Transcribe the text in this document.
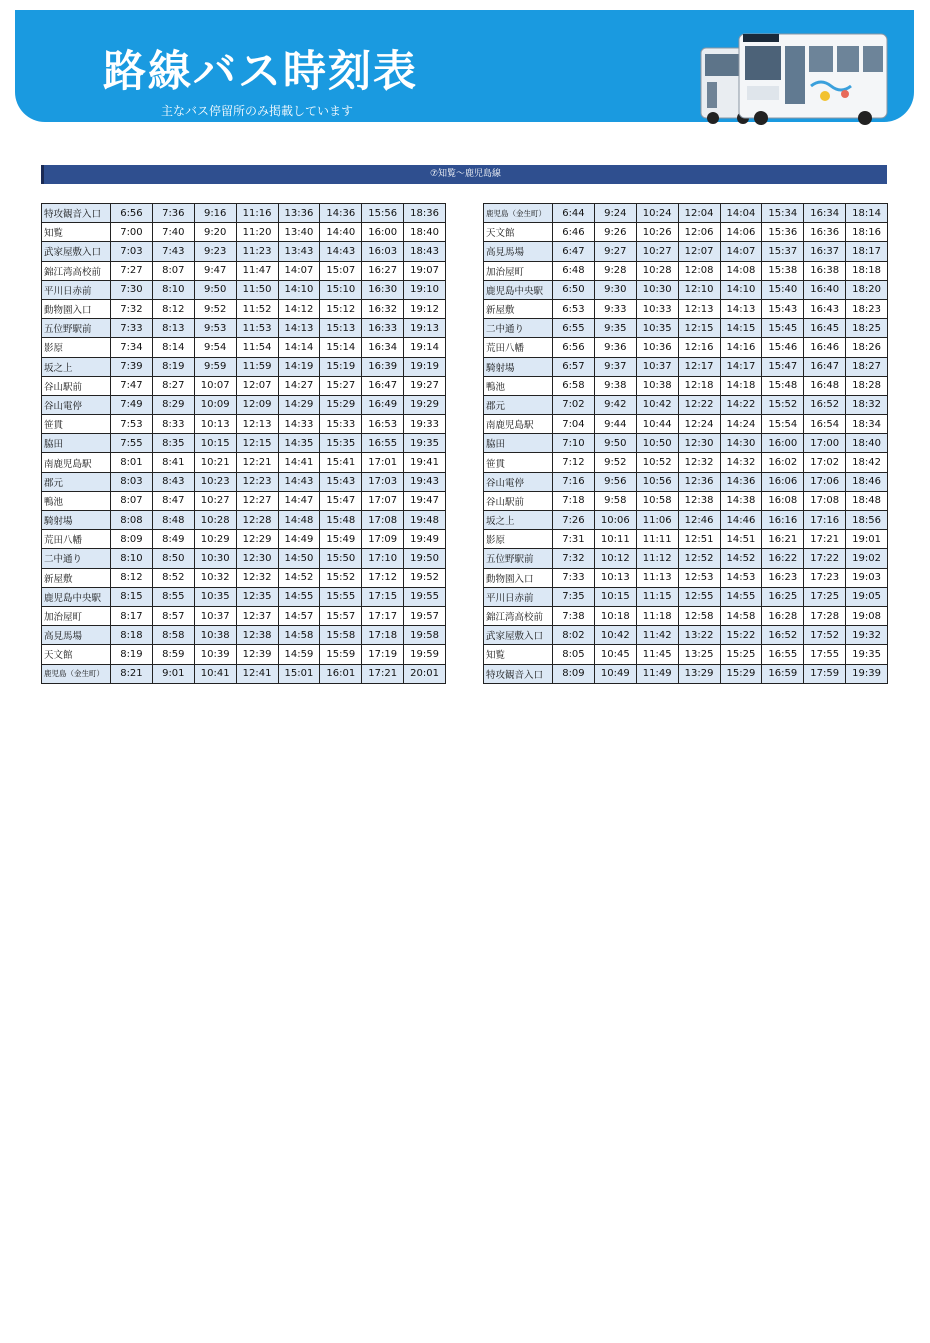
路線バス時刻表
主なバス停留所のみ掲載しています
⑦知覧～鹿児島線
特攻観音入口	6:56	7:36	9:16	11:16	13:36	14:36	15:56	18:36
知覧	7:00	7:40	9:20	11:20	13:40	14:40	16:00	18:40
武家屋敷入口	7:03	7:43	9:23	11:23	13:43	14:43	16:03	18:43
錦江湾高校前	7:27	8:07	9:47	11:47	14:07	15:07	16:27	19:07
平川日赤前	7:30	8:10	9:50	11:50	14:10	15:10	16:30	19:10
動物園入口	7:32	8:12	9:52	11:52	14:12	15:12	16:32	19:12
五位野駅前	7:33	8:13	9:53	11:53	14:13	15:13	16:33	19:13
影原	7:34	8:14	9:54	11:54	14:14	15:14	16:34	19:14
坂之上	7:39	8:19	9:59	11:59	14:19	15:19	16:39	19:19
谷山駅前	7:47	8:27	10:07	12:07	14:27	15:27	16:47	19:27
谷山電停	7:49	8:29	10:09	12:09	14:29	15:29	16:49	19:29
笹貫	7:53	8:33	10:13	12:13	14:33	15:33	16:53	19:33
脇田	7:55	8:35	10:15	12:15	14:35	15:35	16:55	19:35
南鹿児島駅	8:01	8:41	10:21	12:21	14:41	15:41	17:01	19:41
郡元	8:03	8:43	10:23	12:23	14:43	15:43	17:03	19:43
鴨池	8:07	8:47	10:27	12:27	14:47	15:47	17:07	19:47
騎射場	8:08	8:48	10:28	12:28	14:48	15:48	17:08	19:48
荒田八幡	8:09	8:49	10:29	12:29	14:49	15:49	17:09	19:49
二中通り	8:10	8:50	10:30	12:30	14:50	15:50	17:10	19:50
新屋敷	8:12	8:52	10:32	12:32	14:52	15:52	17:12	19:52
鹿児島中央駅	8:15	8:55	10:35	12:35	14:55	15:55	17:15	19:55
加治屋町	8:17	8:57	10:37	12:37	14:57	15:57	17:17	19:57
高見馬場	8:18	8:58	10:38	12:38	14:58	15:58	17:18	19:58
天文館	8:19	8:59	10:39	12:39	14:59	15:59	17:19	19:59
鹿児島（金生町）	8:21	9:01	10:41	12:41	15:01	16:01	17:21	20:01
鹿児島（金生町）	6:44	9:24	10:24	12:04	14:04	15:34	16:34	18:14
天文館	6:46	9:26	10:26	12:06	14:06	15:36	16:36	18:16
高見馬場	6:47	9:27	10:27	12:07	14:07	15:37	16:37	18:17
加治屋町	6:48	9:28	10:28	12:08	14:08	15:38	16:38	18:18
鹿児島中央駅	6:50	9:30	10:30	12:10	14:10	15:40	16:40	18:20
新屋敷	6:53	9:33	10:33	12:13	14:13	15:43	16:43	18:23
二中通り	6:55	9:35	10:35	12:15	14:15	15:45	16:45	18:25
荒田八幡	6:56	9:36	10:36	12:16	14:16	15:46	16:46	18:26
騎射場	6:57	9:37	10:37	12:17	14:17	15:47	16:47	18:27
鴨池	6:58	9:38	10:38	12:18	14:18	15:48	16:48	18:28
郡元	7:02	9:42	10:42	12:22	14:22	15:52	16:52	18:32
南鹿児島駅	7:04	9:44	10:44	12:24	14:24	15:54	16:54	18:34
脇田	7:10	9:50	10:50	12:30	14:30	16:00	17:00	18:40
笹貫	7:12	9:52	10:52	12:32	14:32	16:02	17:02	18:42
谷山電停	7:16	9:56	10:56	12:36	14:36	16:06	17:06	18:46
谷山駅前	7:18	9:58	10:58	12:38	14:38	16:08	17:08	18:48
坂之上	7:26	10:06	11:06	12:46	14:46	16:16	17:16	18:56
影原	7:31	10:11	11:11	12:51	14:51	16:21	17:21	19:01
五位野駅前	7:32	10:12	11:12	12:52	14:52	16:22	17:22	19:02
動物園入口	7:33	10:13	11:13	12:53	14:53	16:23	17:23	19:03
平川日赤前	7:35	10:15	11:15	12:55	14:55	16:25	17:25	19:05
錦江湾高校前	7:38	10:18	11:18	12:58	14:58	16:28	17:28	19:08
武家屋敷入口	8:02	10:42	11:42	13:22	15:22	16:52	17:52	19:32
知覧	8:05	10:45	11:45	13:25	15:25	16:55	17:55	19:35
特攻観音入口	8:09	10:49	11:49	13:29	15:29	16:59	17:59	19:39
